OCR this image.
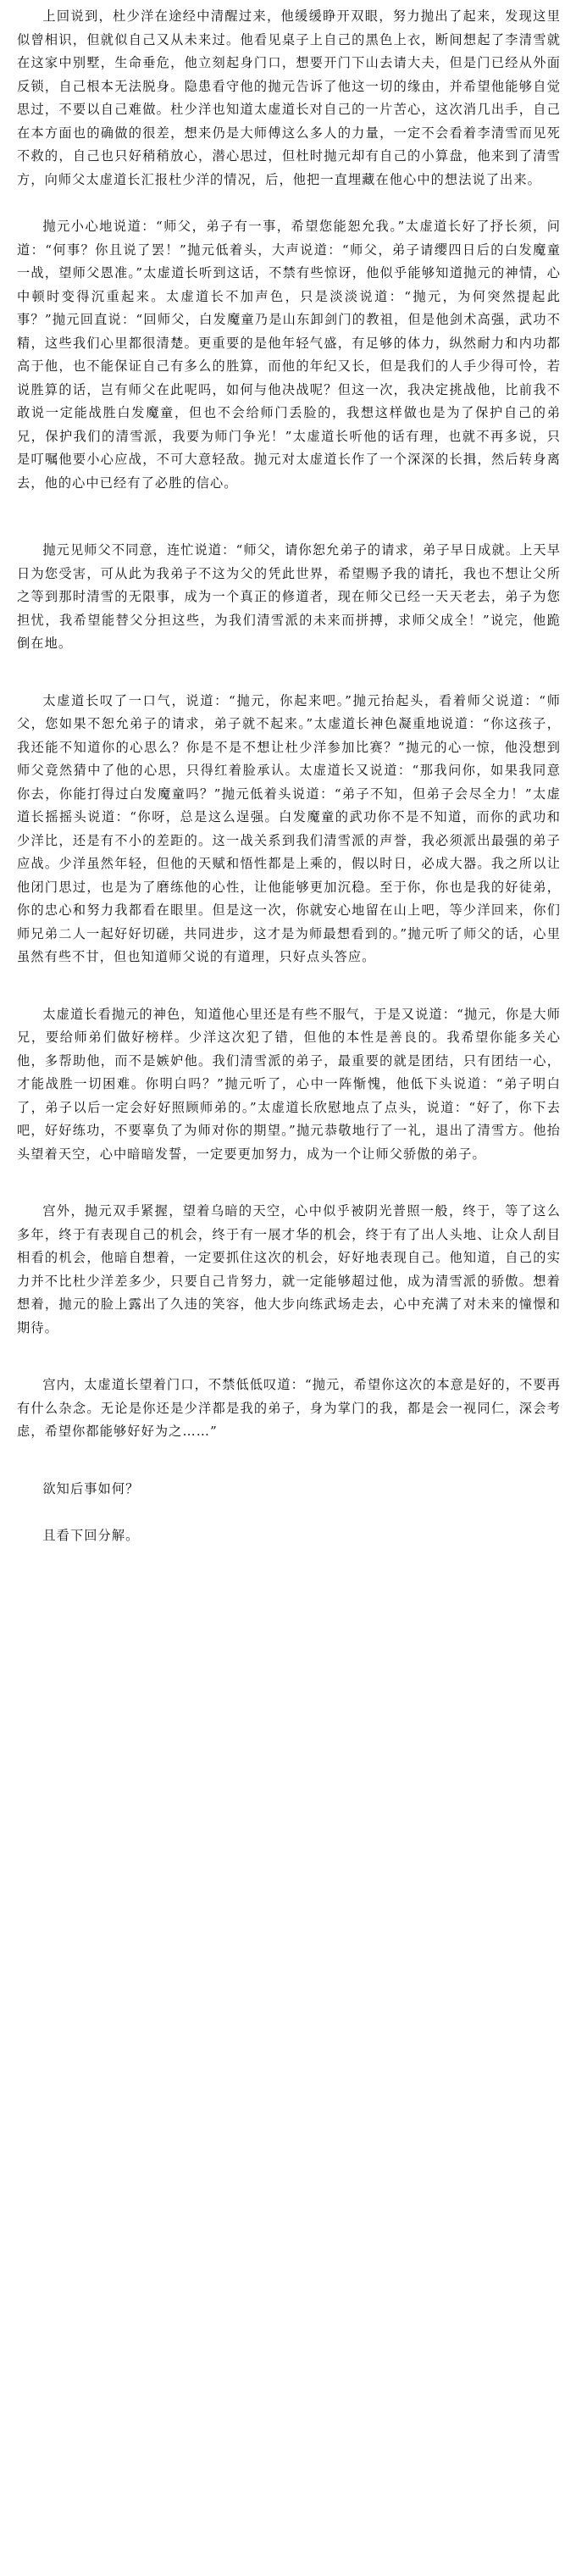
上回说到，杜少洋在途经中清醒过来，他缓缓睁开双眼，努力抛出了起来，发现这里似曾相识，但就似自己又从未来过。他看见桌子上自己的黑色上衣，断间想起了李清雪就在这家中别墅，生命垂危，他立刻起身门口，想要开门下山去请大夫，但是门已经从外面反锁，自己根本无法脱身。隐患看守他的抛元告诉了他这一切的缘由，并希望他能够自觉思过，不要以自己难做。杜少洋也知道太虚道长对自己的一片苦心，这次消几出手，自己在本方面也的确做的很差，想来仍是大师傅这么多人的力量，一定不会看着李清雪而见死不救的，自己也只好稍稍放心，潜心思过，但杜时抛元却有自己的小算盘，他来到了清雪方，向师父太虚道长汇报杜少洋的情况，后，他把一直埋藏在他心中的想法说了出来。

抛元小心地说道：“师父，弟子有一事，希望您能恕允我。”太虚道长好了抒长须，问道：“何事？你且说了罢！”抛元低着头，大声说道：“师父，弟子请缨四日后的白发魔童一战，望师父恩准。”太虚道长听到这话，不禁有些惊讶，他似乎能够知道抛元的神情，心中顿时变得沉重起来。太虚道长不加声色，只是淡淡说道：“抛元，为何突然提起此事？”抛元回直说：“回师父，白发魔童乃是山东卸剑门的教祖，但是他剑术高强，武功不精，这些我们心里都很清楚。更重要的是他年轻气盛，有足够的体力，纵然耐力和内功都高于他，也不能保证自己有多么的胜算，而他的年纪又长，但是我们的人手少得可怜，若说胜算的话，岂有师父在此呢吗，如何与他决战呢？但这一次，我决定挑战他，比前我不敢说一定能战胜白发魔童，但也不会给师门丢脸的，我想这样做也是为了保护自己的弟兄，保护我们的清雪派，我要为师门争光！”太虚道长听他的话有理，也就不再多说，只是叮嘱他要小心应战，不可大意轻敌。抛元对太虚道长作了一个深深的长揖，然后转身离去，他的心中已经有了必胜的信心。

抛元见师父不同意，连忙说道：“师父，请你恕允弟子的请求，弟子早日成就。上天早日为您受害，可从此为我弟子不这为父的凭此世界，希望赐予我的请托，我也不想让父所之等到那时清雪的无限事，成为一个真正的修道者，现在师父已经一天天老去，弟子为您担忧，我希望能替父分担这些，为我们清雪派的未来而拼搏，求师父成全！”说完，他跪倒在地。

太虚道长叹了一口气，说道：“抛元，你起来吧。”抛元抬起头，看着师父说道：“师父，您如果不恕允弟子的请求，弟子就不起来。”太虚道长神色凝重地说道：“你这孩子，我还能不知道你的心思么？你是不是不想让杜少洋参加比赛？”抛元的心一惊，他没想到师父竟然猜中了他的心思，只得红着脸承认。太虚道长又说道：“那我问你，如果我同意你去，你能打得过白发魔童吗？”抛元低着头说道：“弟子不知，但弟子会尽全力！”太虚道长摇摇头说道：“你呀，总是这么逞强。白发魔童的武功你不是不知道，而你的武功和少洋比，还是有不小的差距的。这一战关系到我们清雪派的声誉，我必须派出最强的弟子应战。少洋虽然年轻，但他的天赋和悟性都是上乘的，假以时日，必成大器。我之所以让他闭门思过，也是为了磨练他的心性，让他能够更加沉稳。至于你，你也是我的好徒弟，你的忠心和努力我都看在眼里。但是这一次，你就安心地留在山上吧，等少洋回来，你们师兄弟二人一起好好切磋，共同进步，这才是为师最想看到的。”抛元听了师父的话，心里虽然有些不甘，但也知道师父说的有道理，只好点头答应。

太虚道长看抛元的神色，知道他心里还是有些不服气，于是又说道：“抛元，你是大师兄，要给师弟们做好榜样。少洋这次犯了错，但他的本性是善良的。我希望你能多关心他，多帮助他，而不是嫉妒他。我们清雪派的弟子，最重要的就是团结，只有团结一心，才能战胜一切困难。你明白吗？”抛元听了，心中一阵惭愧，他低下头说道：“弟子明白了，弟子以后一定会好好照顾师弟的。”太虚道长欣慰地点了点头，说道：“好了，你下去吧，好好练功，不要辜负了为师对你的期望。”抛元恭敬地行了一礼，退出了清雪方。他抬头望着天空，心中暗暗发誓，一定要更加努力，成为一个让师父骄傲的弟子。

宫外，抛元双手紧握，望着乌暗的天空，心中似乎被阴光普照一般，终于，等了这么多年，终于有表现自己的机会，终于有一展才华的机会，终于有了出人头地、让众人刮目相看的机会，他暗自想着，一定要抓住这次的机会，好好地表现自己。他知道，自己的实力并不比杜少洋差多少，只要自己肯努力，就一定能够超过他，成为清雪派的骄傲。想着想着，抛元的脸上露出了久违的笑容，他大步向练武场走去，心中充满了对未来的憧憬和期待。

宫内，太虚道长望着门口，不禁低低叹道：“抛元，希望你这次的本意是好的，不要再有什么杂念。无论是你还是少洋都是我的弟子，身为掌门的我，都是会一视同仁，深会考虑，希望你都能够好好为之……”

欲知后事如何？

且看下回分解。
